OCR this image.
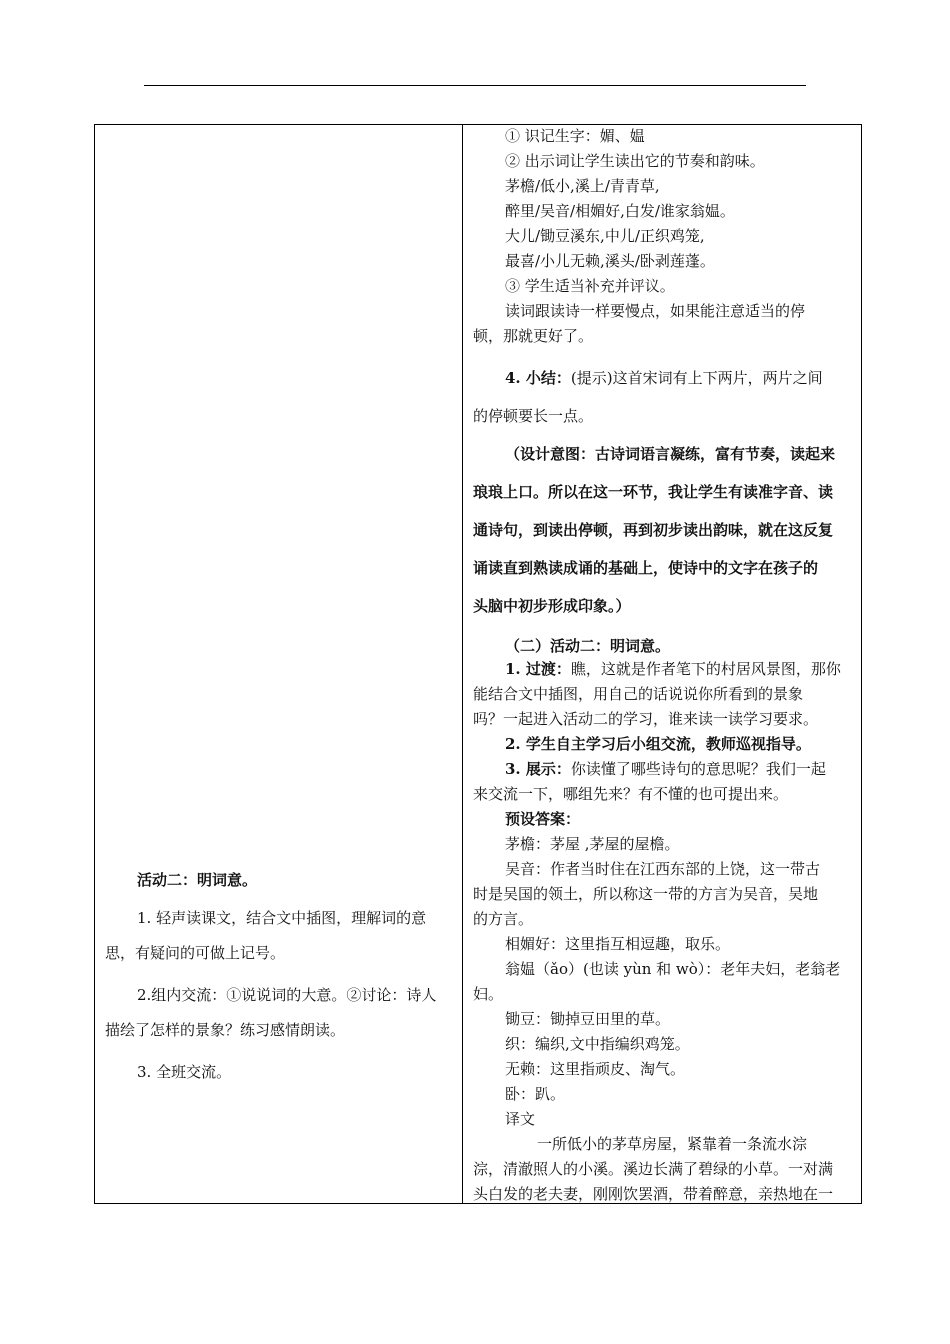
活动二：明词意。

1. 轻声读课文，结合文中插图，理解词的意

思，有疑问的可做上记号。

2.组内交流：①说说词的大意。②讨论：诗人

描绘了怎样的景象？练习感情朗读。

3. 全班交流。

① 识记生字：媚、媪

② 出示词让学生读出它的节奏和韵味。

茅檐/低小,溪上/青青草,

醉里/吴音/相媚好,白发/谁家翁媪。

大儿/锄豆溪东,中儿/正织鸡笼,

最喜/小儿无赖,溪头/卧剥莲蓬。

③ 学生适当补充并评议。

读词跟读诗一样要慢点，如果能注意适当的停

顿，那就更好了。

4. 小结：(提示)这首宋词有上下两片，两片之间

的停顿要长一点。

（设计意图：古诗词语言凝练，富有节奏，读起来

琅琅上口。所以在这一环节，我让学生有读准字音、读

通诗句，到读出停顿，再到初步读出韵味，就在这反复

诵读直到熟读成诵的基础上，使诗中的文字在孩子的

头脑中初步形成印象。）

（二）活动二：明词意。

1. 过渡：瞧，这就是作者笔下的村居风景图，那你

能结合文中插图，用自己的话说说你所看到的景象

吗？一起进入活动二的学习，谁来读一读学习要求。

2. 学生自主学习后小组交流，教师巡视指导。

3. 展示：你读懂了哪些诗句的意思呢？我们一起

来交流一下，哪组先来？有不懂的也可提出来。

预设答案：

茅檐：茅屋 ,茅屋的屋檐。

吴音：作者当时住在江西东部的上饶，这一带古

时是吴国的领土，所以称这一带的方言为吴音，吴地

的方言。

相媚好：这里指互相逗趣，取乐。

翁媪（ǎo）(也读 yùn 和 wò）：老年夫妇，老翁老

妇。

锄豆：锄掉豆田里的草。

织：编织,文中指编织鸡笼。

无赖：这里指顽皮、淘气。

卧：趴。

译文

一所低小的茅草房屋，紧靠着一条流水淙

淙，清澈照人的小溪。溪边长满了碧绿的小草。一对满

头白发的老夫妻，刚刚饮罢酒，带着醉意，亲热地在一
